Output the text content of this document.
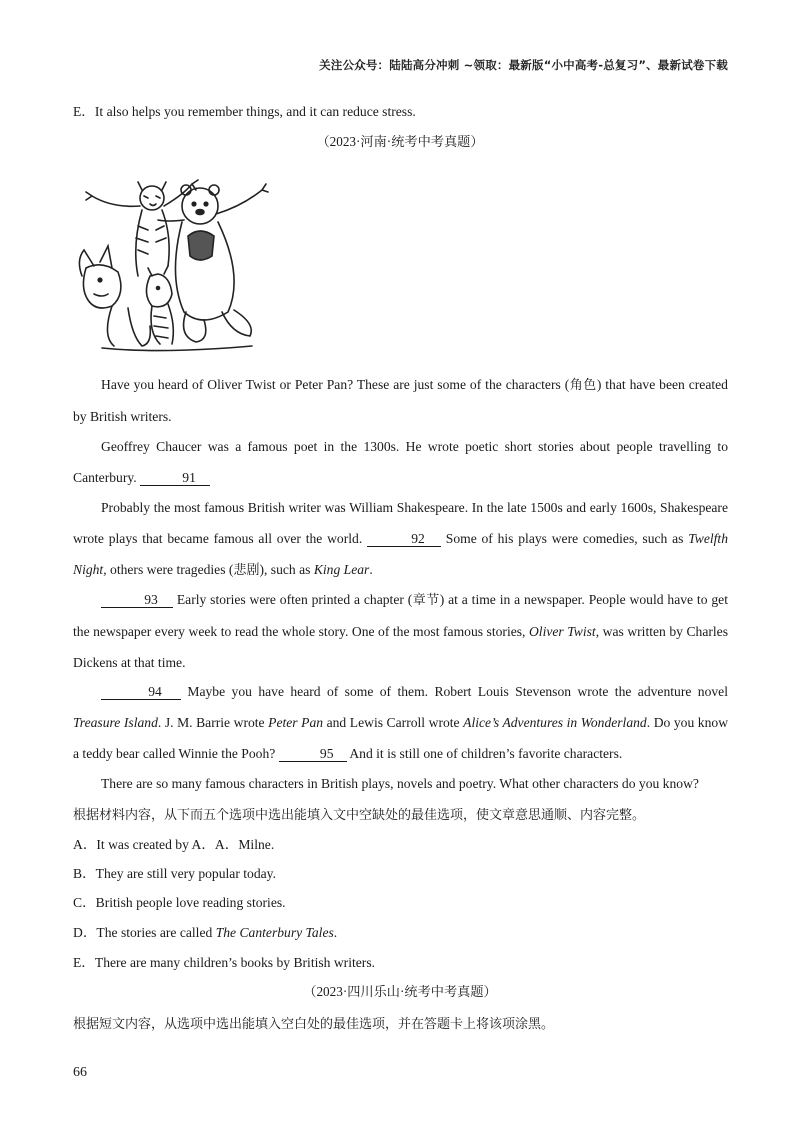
关注公众号：陆陆高分冲刺 ~领取：最新版“小中高考-总复习”、最新试卷下载
E．It also helps you remember things, and it can reduce stress.
（2023·河南·统考中考真题）
Have you heard of Oliver Twist or Peter Pan? These are just some of the characters (角色) that have been created by British writers.
Geoffrey Chaucer was a famous poet in the 1300s. He wrote poetic short stories about people travelling to Canterbury.	91
Probably the most famous British writer was William Shakespeare. In the late 1500s and early 1600s, Shakespeare wrote plays that became famous all over the world.	92 Some of his plays were comedies, such as Twelfth Night, others were tragedies (悲剧), such as King Lear.
93 Early stories were often printed a chapter (章节) at a time in a newspaper. People would have to get the newspaper every week to read the whole story. One of the most famous stories, Oliver Twist, was written by Charles Dickens at that time.
94 Maybe you have heard of some of them. Robert Louis Stevenson wrote the adventure novel Treasure Island. J. M. Barrie wrote Peter Pan and Lewis Carroll wrote Alice’s Adventures in Wonderland. Do you know a teddy bear called Winnie the Pooh?	95 And it is still one of children’s favorite characters.
There are so many famous characters in British plays, novels and poetry. What other characters do you know?
根据材料内容，从下而五个选项中选出能填入文中空缺处的最佳选项，使文章意思通顺、内容完整。
A．It was created by A．A．Milne.
B．They are still very popular today.
C．British people love reading stories.
D．The stories are called The Canterbury Tales.
E．There are many children’s books by British writers.
（2023·四川乐山·统考中考真题）
根据短文内容，从选项中选出能填入空白处的最佳选项，并在答题卡上将该项涂黑。
66
